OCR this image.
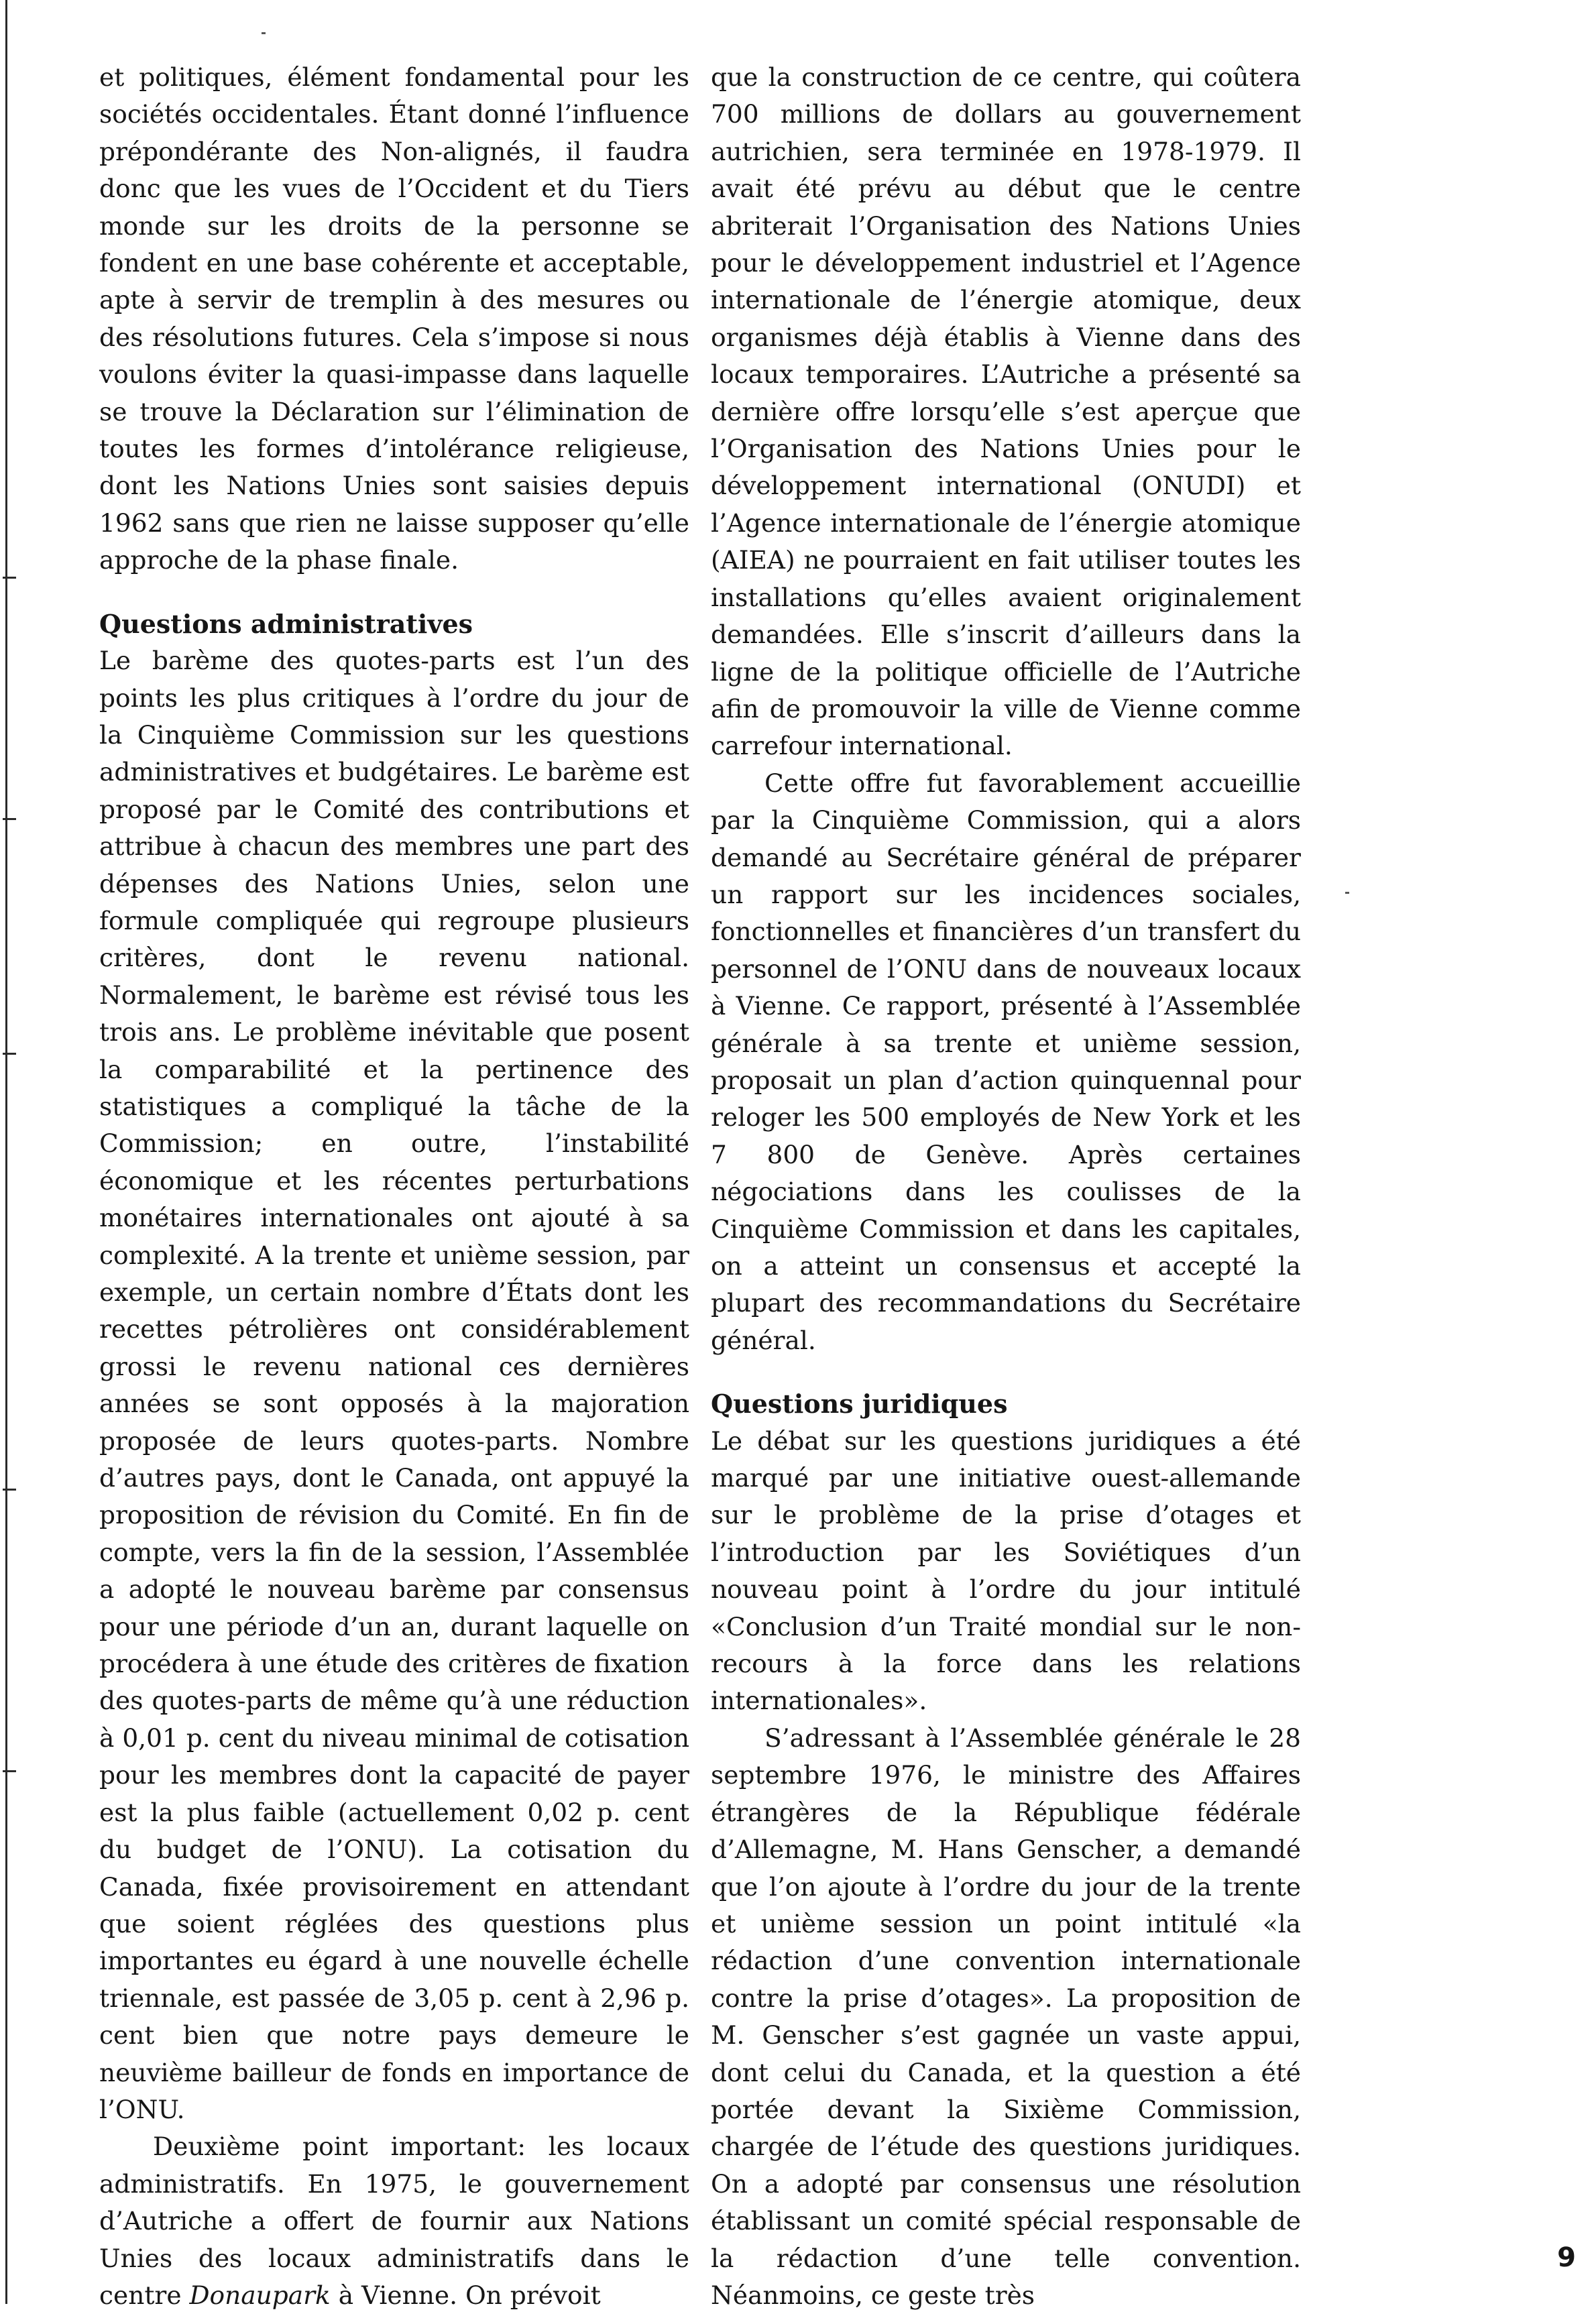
et politiques, élément fondamental pour les sociétés occidentales. Étant donné l’influence prépondérante des Non-alignés, il faudra donc que les vues de l’Occident et du Tiers monde sur les droits de la personne se fondent en une base cohérente et acceptable, apte à servir de tremplin à des mesures ou des résolutions futures. Cela s’impose si nous voulons éviter la quasi-impasse dans laquelle se trouve la Déclaration sur l’élimination de toutes les formes d’intolérance religieuse, dont les Nations Unies sont saisies depuis 1962 sans que rien ne laisse supposer qu’elle approche de la phase finale.

Questions administratives

Le barème des quotes-parts est l’un des points les plus critiques à l’ordre du jour de la Cinquième Commission sur les questions administratives et budgétaires. Le barème est proposé par le Comité des contributions et attribue à chacun des membres une part des dépenses des Nations Unies, selon une formule compliquée qui regroupe plusieurs critères, dont le revenu national. Normalement, le barème est révisé tous les trois ans. Le problème inévitable que posent la comparabilité et la pertinence des statistiques a compliqué la tâche de la Commission; en outre, l’instabilité économique et les récentes perturbations monétaires internationales ont ajouté à sa complexité. A la trente et unième session, par exemple, un certain nombre d’États dont les recettes pétrolières ont considérablement grossi le revenu national ces dernières années se sont opposés à la majoration proposée de leurs quotes-parts. Nombre d’autres pays, dont le Canada, ont appuyé la proposition de révision du Comité. En fin de compte, vers la fin de la session, l’Assemblée a adopté le nouveau barème par consensus pour une période d’un an, durant laquelle on procédera à une étude des critères de fixation des quotes-parts de même qu’à une réduction à 0,01 p. cent du niveau minimal de cotisation pour les membres dont la capacité de payer est la plus faible (actuellement 0,02 p. cent du budget de l’ONU). La cotisation du Canada, fixée provisoirement en attendant que soient réglées des questions plus importantes eu égard à une nouvelle échelle triennale, est passée de 3,05 p. cent à 2,96 p. cent bien que notre pays demeure le neuvième bailleur de fonds en importance de l’ONU.

Deuxième point important: les locaux administratifs. En 1975, le gouvernement d’Autriche a offert de fournir aux Nations Unies des locaux administratifs dans le centre Donaupark à Vienne. On prévoit

que la construction de ce centre, qui coûtera 700 millions de dollars au gouvernement autrichien, sera terminée en 1978-1979. Il avait été prévu au début que le centre abriterait l’Organisation des Nations Unies pour le développement industriel et l’Agence internationale de l’énergie atomique, deux organismes déjà établis à Vienne dans des locaux temporaires. L’Autriche a présenté sa dernière offre lorsqu’elle s’est aperçue que l’Organisation des Nations Unies pour le développement international (ONUDI) et l’Agence internationale de l’énergie atomique (AIEA) ne pourraient en fait utiliser toutes les installations qu’elles avaient originalement demandées. Elle s’inscrit d’ailleurs dans la ligne de la politique officielle de l’Autriche afin de promouvoir la ville de Vienne comme carrefour international.

Cette offre fut favorablement accueillie par la Cinquième Commission, qui a alors demandé au Secrétaire général de préparer un rapport sur les incidences sociales, fonctionnelles et financières d’un transfert du personnel de l’ONU dans de nouveaux locaux à Vienne. Ce rapport, présenté à l’Assemblée générale à sa trente et unième session, proposait un plan d’action quinquennal pour reloger les 500 employés de New York et les 7 800 de Genève. Après certaines négociations dans les coulisses de la Cinquième Commission et dans les capitales, on a atteint un consensus et accepté la plupart des recommandations du Secrétaire général.

Questions juridiques

Le débat sur les questions juridiques a été marqué par une initiative ouest-allemande sur le problème de la prise d’otages et l’introduction par les Soviétiques d’un nouveau point à l’ordre du jour intitulé «Conclusion d’un Traité mondial sur le non-recours à la force dans les relations internationales».

S’adressant à l’Assemblée générale le 28 septembre 1976, le ministre des Affaires étrangères de la République fédérale d’Allemagne, M. Hans Genscher, a demandé que l’on ajoute à l’ordre du jour de la trente et unième session un point intitulé «la rédaction d’une convention internationale contre la prise d’otages». La proposition de M. Genscher s’est gagnée un vaste appui, dont celui du Canada, et la question a été portée devant la Sixième Commission, chargée de l’étude des questions juridiques. On a adopté par consensus une résolution établissant un comité spécial responsable de la rédaction d’une telle convention. Néanmoins, ce geste très

9
